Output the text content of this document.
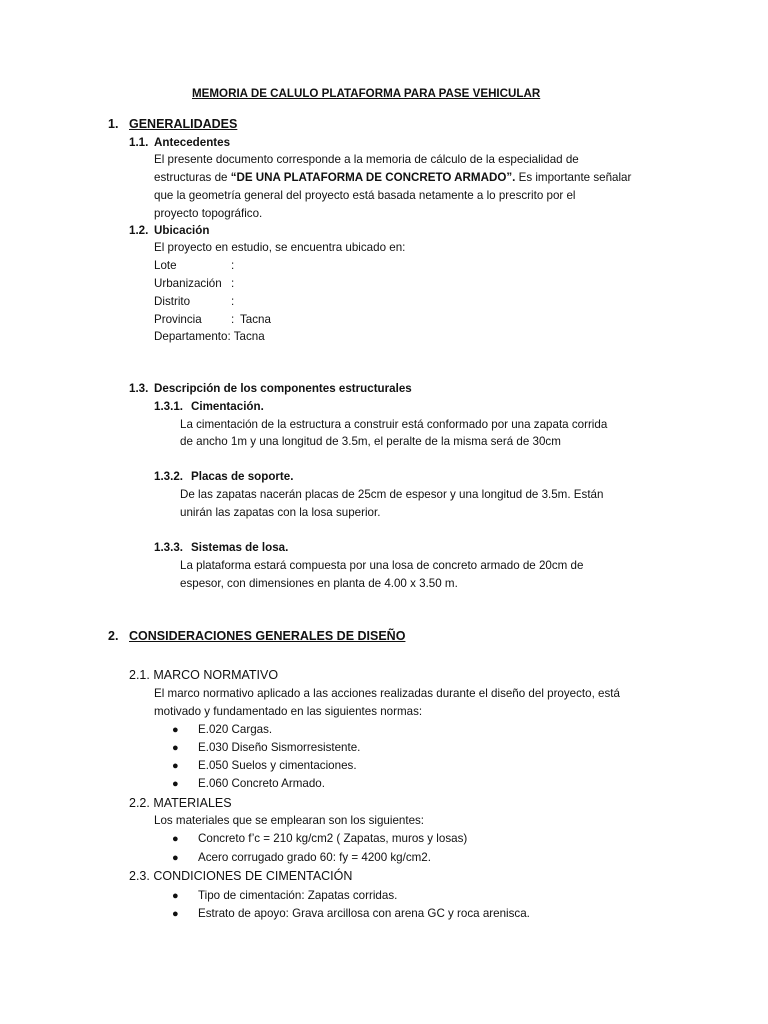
MEMORIA DE CALULO PLATAFORMA PARA PASE VEHICULAR
1. GENERALIDADES
1.1. Antecedentes
El presente documento corresponde a la memoria de cálculo de la especialidad de
estructuras de “DE UNA PLATAFORMA DE CONCRETO ARMADO”. Es importante señalar
que la geometría general del proyecto está basada netamente a lo prescrito por el
proyecto topográfico.
1.2. Ubicación
El proyecto en estudio, se encuentra ubicado en:
Lote	:
Urbanización :
Distrito	:
Provincia	: Tacna
Departamento: Tacna
1.3. Descripción de los componentes estructurales
1.3.1. Cimentación.
La cimentación de la estructura a construir está conformado por una zapata corrida
de ancho 1m y una longitud de 3.5m, el peralte de la misma será de 30cm
1.3.2. Placas de soporte.
De las zapatas nacerán placas de 25cm de espesor y una longitud de 3.5m. Están
unirán las zapatas con la losa superior.
1.3.3. Sistemas de losa.
La plataforma estará compuesta por una losa de concreto armado de 20cm de
espesor, con dimensiones en planta de 4.00 x 3.50 m.
2. CONSIDERACIONES GENERALES DE DISEÑO
2.1. MARCO NORMATIVO
El marco normativo aplicado a las acciones realizadas durante el diseño del proyecto, está
motivado y fundamentado en las siguientes normas:
● E.020 Cargas.
● E.030 Diseño Sismorresistente.
● E.050 Suelos y cimentaciones.
● E.060 Concreto Armado.
2.2. MATERIALES
Los materiales que se emplearan son los siguientes:
● Concreto f’c = 210 kg/cm2 ( Zapatas, muros y losas)
● Acero corrugado grado 60: fy = 4200 kg/cm2.
2.3. CONDICIONES DE CIMENTACIÓN
● Tipo de cimentación: Zapatas corridas.
● Estrato de apoyo: Grava arcillosa con arena GC y roca arenisca.
